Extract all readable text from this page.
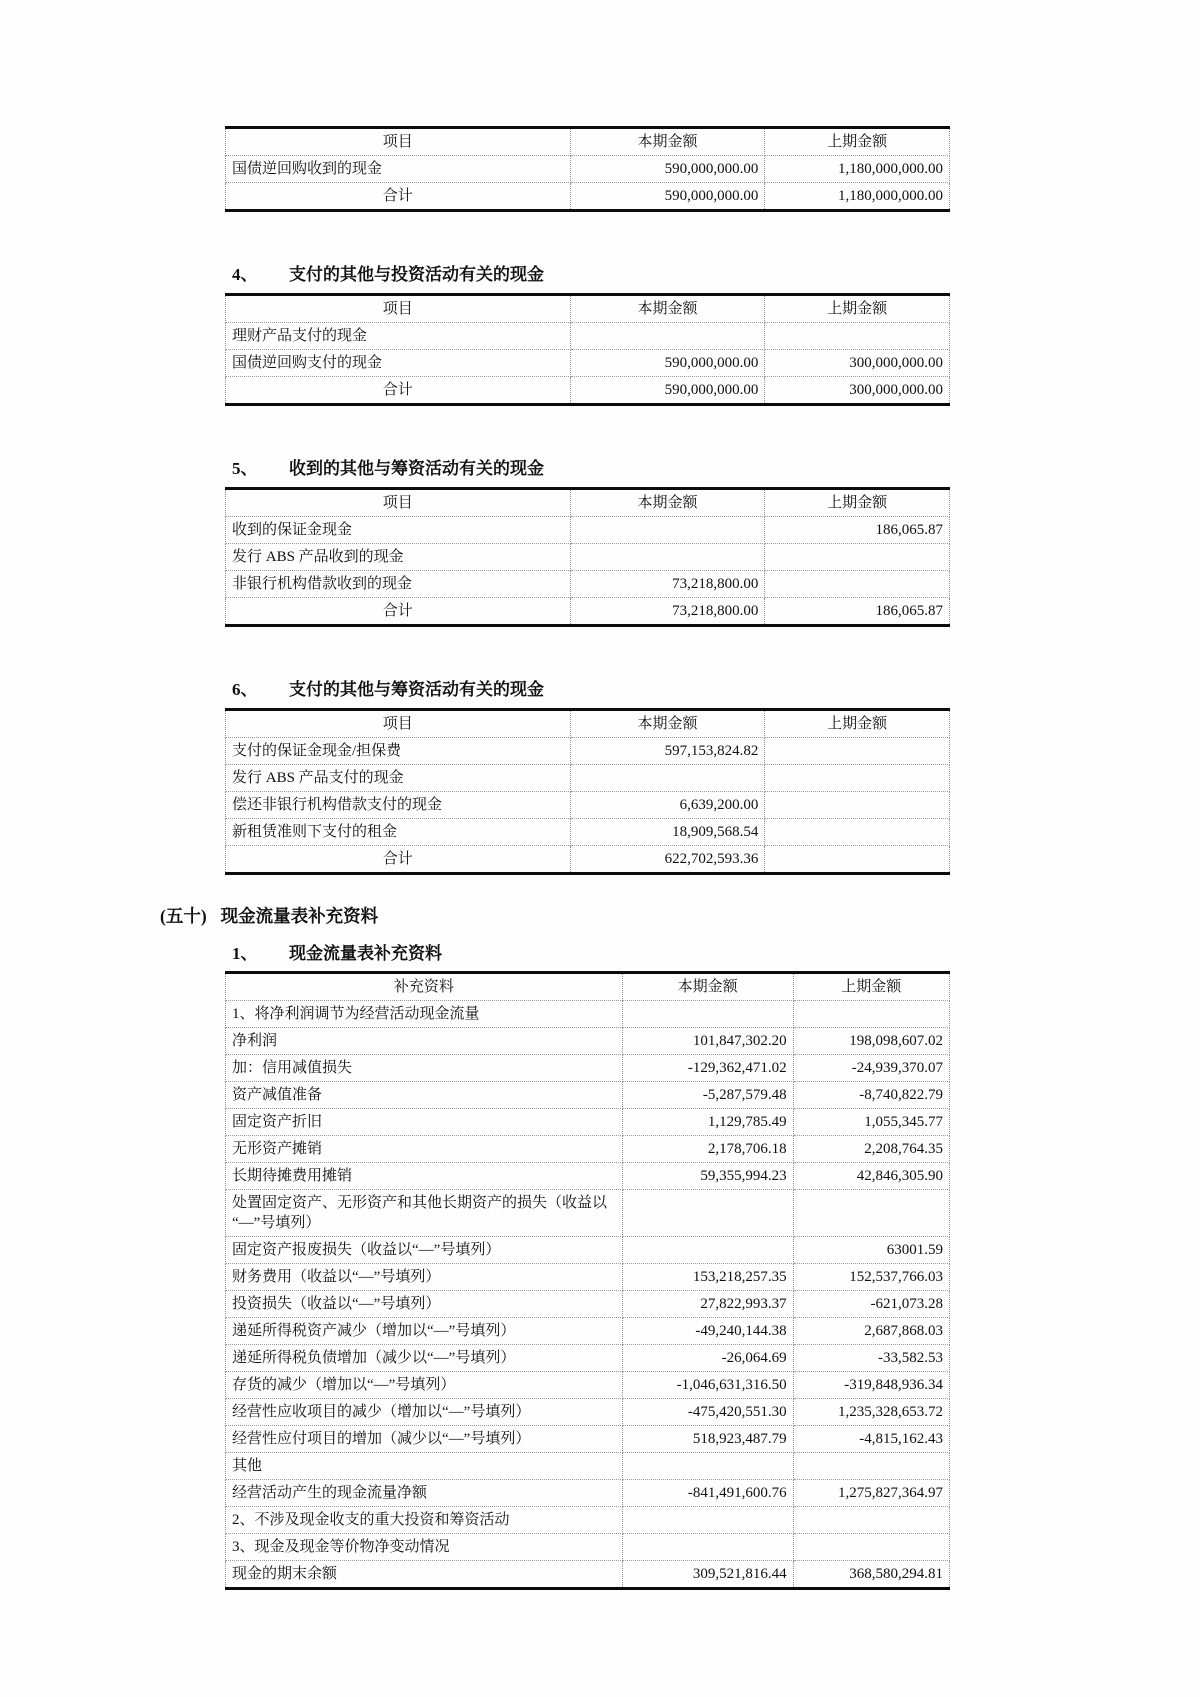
项目	本期金额	上期金额
国债逆回购收到的现金	590,000,000.00	1,180,000,000.00
合计	590,000,000.00	1,180,000,000.00
4、 支付的其他与投资活动有关的现金
项目	本期金额	上期金额
理财产品支付的现金		
国债逆回购支付的现金	590,000,000.00	300,000,000.00
合计	590,000,000.00	300,000,000.00
5、 收到的其他与筹资活动有关的现金
项目	本期金额	上期金额
收到的保证金现金		186,065.87
发行 ABS 产品收到的现金		
非银行机构借款收到的现金	73,218,800.00	
合计	73,218,800.00	186,065.87
6、 支付的其他与筹资活动有关的现金
项目	本期金额	上期金额
支付的保证金现金/担保费	597,153,824.82	
发行 ABS 产品支付的现金		
偿还非银行机构借款支付的现金	6,639,200.00	
新租赁准则下支付的租金	18,909,568.54	
合计	622,702,593.36	
(五十) 现金流量表补充资料
1、 现金流量表补充资料
补充资料	本期金额	上期金额
1、将净利润调节为经营活动现金流量		
净利润	101,847,302.20	198,098,607.02
加：信用减值损失	-129,362,471.02	-24,939,370.07
资产减值准备	-5,287,579.48	-8,740,822.79
固定资产折旧	1,129,785.49	1,055,345.77
无形资产摊销	2,178,706.18	2,208,764.35
长期待摊费用摊销	59,355,994.23	42,846,305.90
处置固定资产、无形资产和其他长期资产的损失（收益以“—”号填列）		
固定资产报废损失（收益以“—”号填列）		63001.59
财务费用（收益以“—”号填列）	153,218,257.35	152,537,766.03
投资损失（收益以“—”号填列）	27,822,993.37	-621,073.28
递延所得税资产减少（增加以“—”号填列）	-49,240,144.38	2,687,868.03
递延所得税负债增加（减少以“—”号填列）	-26,064.69	-33,582.53
存货的减少（增加以“—”号填列）	-1,046,631,316.50	-319,848,936.34
经营性应收项目的减少（增加以“—”号填列）	-475,420,551.30	1,235,328,653.72
经营性应付项目的增加（减少以“—”号填列）	518,923,487.79	-4,815,162.43
其他		
经营活动产生的现金流量净额	-841,491,600.76	1,275,827,364.97
2、不涉及现金收支的重大投资和筹资活动		
3、现金及现金等价物净变动情况		
现金的期末余额	309,521,816.44	368,580,294.81
